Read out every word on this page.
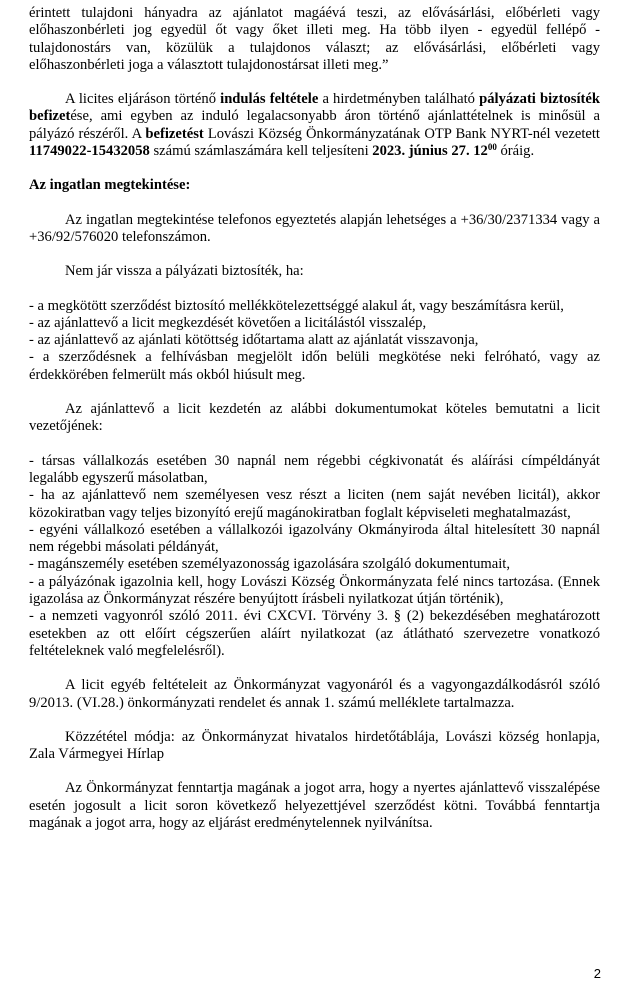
érintett tulajdoni hányadra az ajánlatot magáévá teszi, az elővásárlási, előbérleti vagy

előhaszonbérleti jog egyedül őt vagy őket illeti meg. Ha több ilyen - egyedül fellépő -

tulajdonostárs van, közülük a tulajdonos választ; az elővásárlási, előbérleti vagy

előhaszonbérleti joga a választott tulajdonostársat illeti meg.”

A licites eljáráson történő indulás feltétele a hirdetményben található pályázati biztosíték befizetése, ami egyben az induló legalacsonyabb áron történő ajánlattételnek is minősül a pályázó részéről. A befizetést Lovászi Község Önkormányzatának OTP Bank NYRT-nél vezetett 11749022-15432058 számú számlaszámára kell teljesíteni 2023. június 27. $12^{00}$ óráig.

Az ingatlan megtekintése:

Az ingatlan megtekintése telefonos egyeztetés alapján lehetséges a +36/30/2371334 vagy a +36/92/576020 telefonszámon.

Nem jár vissza a pályázati biztosíték, ha:

- a megkötött szerződést biztosító mellékkötelezettséggé alakul át, vagy beszámításra kerül,

- az ajánlattevő a licit megkezdését követően a licitálástól visszalép,

- az ajánlattevő az ajánlati kötöttség időtartama alatt az ajánlatát visszavonja,

- a szerződésnek a felhívásban megjelölt időn belüli megkötése neki felróható, vagy az érdekkörében felmerült más okból hiúsult meg.

Az ajánlattevő a licit kezdetén az alábbi dokumentumokat köteles bemutatni a licit vezetőjének:

- társas vállalkozás esetében 30 napnál nem régebbi cégkivonatát és aláírási címpéldányát legalább egyszerű másolatban,

- ha az ajánlattevő nem személyesen vesz részt a liciten (nem saját nevében licitál), akkor közokiratban vagy teljes bizonyító erejű magánokiratban foglalt képviseleti meghatalmazást,

- egyéni vállalkozó esetében a vállalkozói igazolvány Okmányiroda által hitelesített 30 napnál nem régebbi másolati példányát,

- magánszemély esetében személyazonosság igazolására szolgáló dokumentumait,

- a pályázónak igazolnia kell, hogy Lovászi Község Önkormányzata felé nincs tartozása. (Ennek igazolása az Önkormányzat részére benyújtott írásbeli nyilatkozat útján történik),

- a nemzeti vagyonról szóló 2011. évi CXCVI. Törvény 3. § (2) bekezdésében meghatározott esetekben az ott előírt cégszerűen aláírt nyilatkozat (az átlátható szervezetre vonatkozó feltételeknek való megfelelésről).

A licit egyéb feltételeit az Önkormányzat vagyonáról és a vagyongazdálkodásról szóló 9/2013. (VI.28.) önkormányzati rendelet és annak 1. számú melléklete tartalmazza.

Közzététel módja: az Önkormányzat hivatalos hirdetőtáblája, Lovászi község honlapja, Zala Vármegyei Hírlap

Az Önkormányzat fenntartja magának a jogot arra, hogy a nyertes ajánlattevő visszalépése esetén jogosult a licit soron következő helyezettjével szerződést kötni. Továbbá fenntartja magának a jogot arra, hogy az eljárást eredménytelennek nyilvánítsa.

2
